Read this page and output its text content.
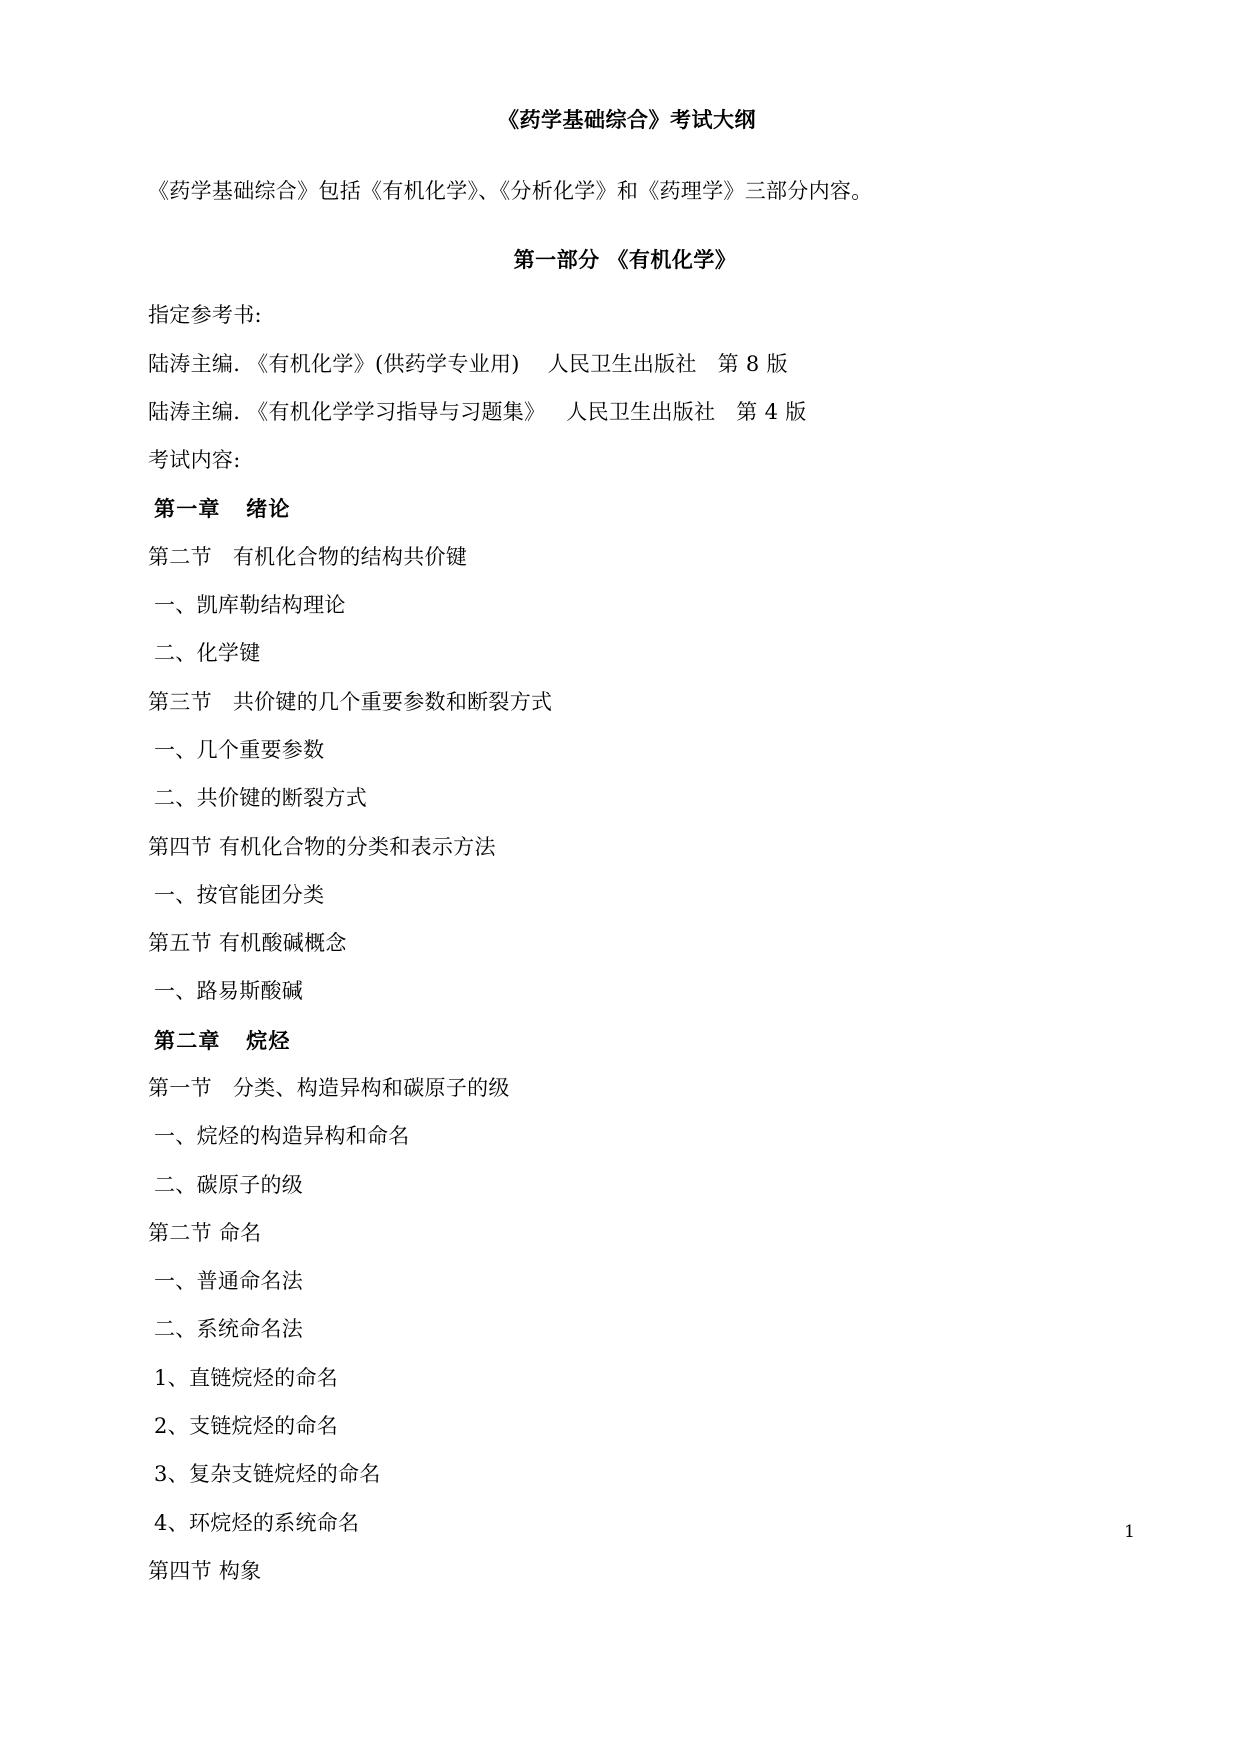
《药学基础综合》考试大纲

《药学基础综合》包括《有机化学》、《分析化学》和《药理学》三部分内容。

第一部分 《有机化学》
指定参考书:
陆涛主编. 《有机化学》(供药学专业用)    人民卫生出版社   第 8 版
陆涛主编. 《有机化学学习指导与习题集》   人民卫生出版社   第 4 版
考试内容:
第一章   绪论
第二节   有机化合物的结构共价键
一、凯库勒结构理论
二、化学键
第三节   共价键的几个重要参数和断裂方式
一、几个重要参数
二、共价键的断裂方式
第四节 有机化合物的分类和表示方法
一、按官能团分类
第五节 有机酸碱概念
一、路易斯酸碱
第二章   烷烃
第一节   分类、构造异构和碳原子的级
一、烷烃的构造异构和命名
二、碳原子的级
第二节 命名
一、普通命名法
二、系统命名法
1、直链烷烃的命名
2、支链烷烃的命名
3、复杂支链烷烃的命名
4、环烷烃的系统命名
第四节 构象
1
